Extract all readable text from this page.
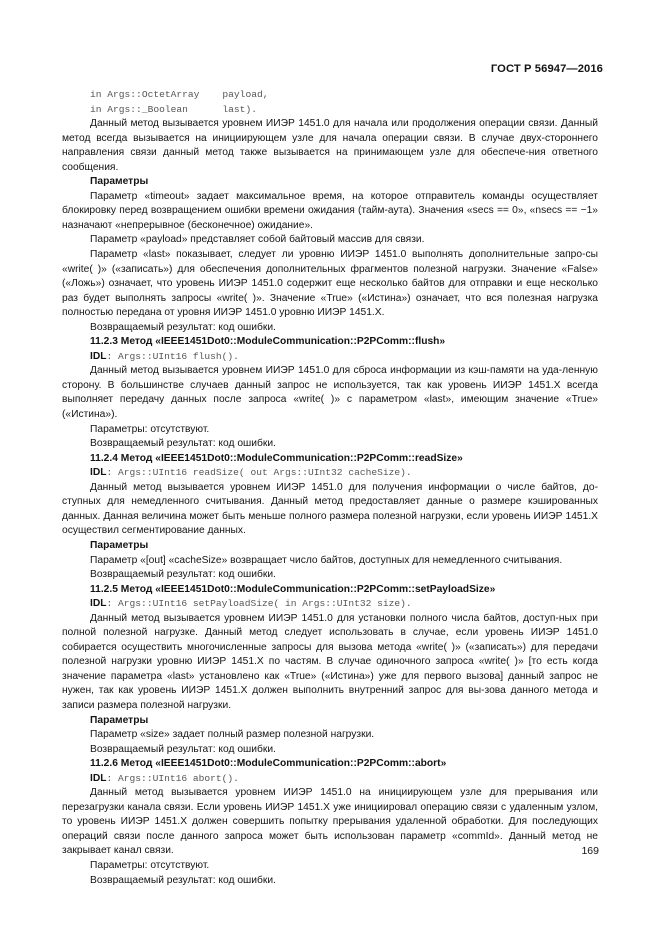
ГОСТ Р 56947—2016

in Args::OctetArray    payload,

in Args::_Boolean      last).

Данный метод вызывается уровнем ИИЭР 1451.0 для начала или продолжения операции связи. Данный метод всегда вызывается на инициирующем узле для начала операции связи. В случае двух-стороннего направления связи данный метод также вызывается на принимающем узле для обеспече-ния ответного сообщения.

Параметры

Параметр «timeout» задает максимальное время, на которое отправитель команды осуществляет блокировку перед возвращением ошибки времени ожидания (тайм-аута). Значения «secs == 0», «nsecs == −1» назначают «непрерывное (бесконечное) ожидание».

Параметр «payload» представляет собой байтовый массив для связи.

Параметр «last» показывает, следует ли уровню ИИЭР 1451.0 выполнять дополнительные запро-сы «write( )» («записать») для обеспечения дополнительных фрагментов полезной нагрузки. Значение «False» («Ложь») означает, что уровень ИИЭР 1451.0 содержит еще несколько байтов для отправки и еще несколько раз будет выполнять запросы «write( )». Значение «True» («Истина») означает, что вся полезная нагрузка полностью передана от уровня ИИЭР 1451.0 уровню ИИЭР 1451.X.

Возвращаемый результат: код ошибки.

11.2.3 Метод «IEEE1451Dot0::ModuleCommunication::P2PComm::flush»

IDL: Args::UInt16 flush().

Данный метод вызывается уровнем ИИЭР 1451.0 для сброса информации из кэш-памяти на уда-ленную сторону. В большинстве случаев данный запрос не используется, так как уровень ИИЭР 1451.X всегда выполняет передачу данных после запроса «write( )» с параметром «last», имеющим значение «True» («Истина»).

Параметры: отсутствуют.

Возвращаемый результат: код ошибки.

11.2.4 Метод «IEEE1451Dot0::ModuleCommunication::P2PComm::readSize»

IDL: Args::UInt16 readSize( out Args::UInt32 cacheSize).

Данный метод вызывается уровнем ИИЭР 1451.0 для получения информации о числе байтов, до-ступных для немедленного считывания. Данный метод предоставляет данные о размере кэшированных данных. Данная величина может быть меньше полного размера полезной нагрузки, если уровень ИИЭР 1451.X осуществил сегментирование данных.

Параметры

Параметр «[out] «cacheSize» возвращает число байтов, доступных для немедленного считывания.

Возвращаемый результат: код ошибки.

11.2.5 Метод «IEEE1451Dot0::ModuleCommunication::P2PComm::setPayloadSize»

IDL: Args::UInt16 setPayloadSize( in Args::UInt32 size).

Данный метод вызывается уровнем ИИЭР 1451.0 для установки полного числа байтов, доступ-ных при полной полезной нагрузке. Данный метод следует использовать в случае, если уровень ИИЭР 1451.0 собирается осуществить многочисленные запросы для вызова метода «write( )» («записать») для передачи полезной нагрузки уровню ИИЭР 1451.X по частям. В случае одиночного запроса «write( )» [то есть когда значение параметра «last» установлено как «True» («Истина») уже для первого вызова] данный запрос не нужен, так как уровень ИИЭР 1451.X должен выполнить внутренний запрос для вы-зова данного метода и записи размера полезной нагрузки.

Параметры

Параметр «size» задает полный размер полезной нагрузки.

Возвращаемый результат: код ошибки.

11.2.6 Метод «IEEE1451Dot0::ModuleCommunication::P2PComm::abort»

IDL: Args::UInt16 abort().

Данный метод вызывается уровнем ИИЭР 1451.0 на инициирующем узле для прерывания или перезагрузки канала связи. Если уровень ИИЭР 1451.X уже инициировал операцию связи с удаленным узлом, то уровень ИИЭР 1451.X должен совершить попытку прерывания удаленной обработки. Для последующих операций связи после данного запроса может быть использован параметр «commId». Данный метод не закрывает канал связи.

Параметры: отсутствуют.

Возвращаемый результат: код ошибки.

169
